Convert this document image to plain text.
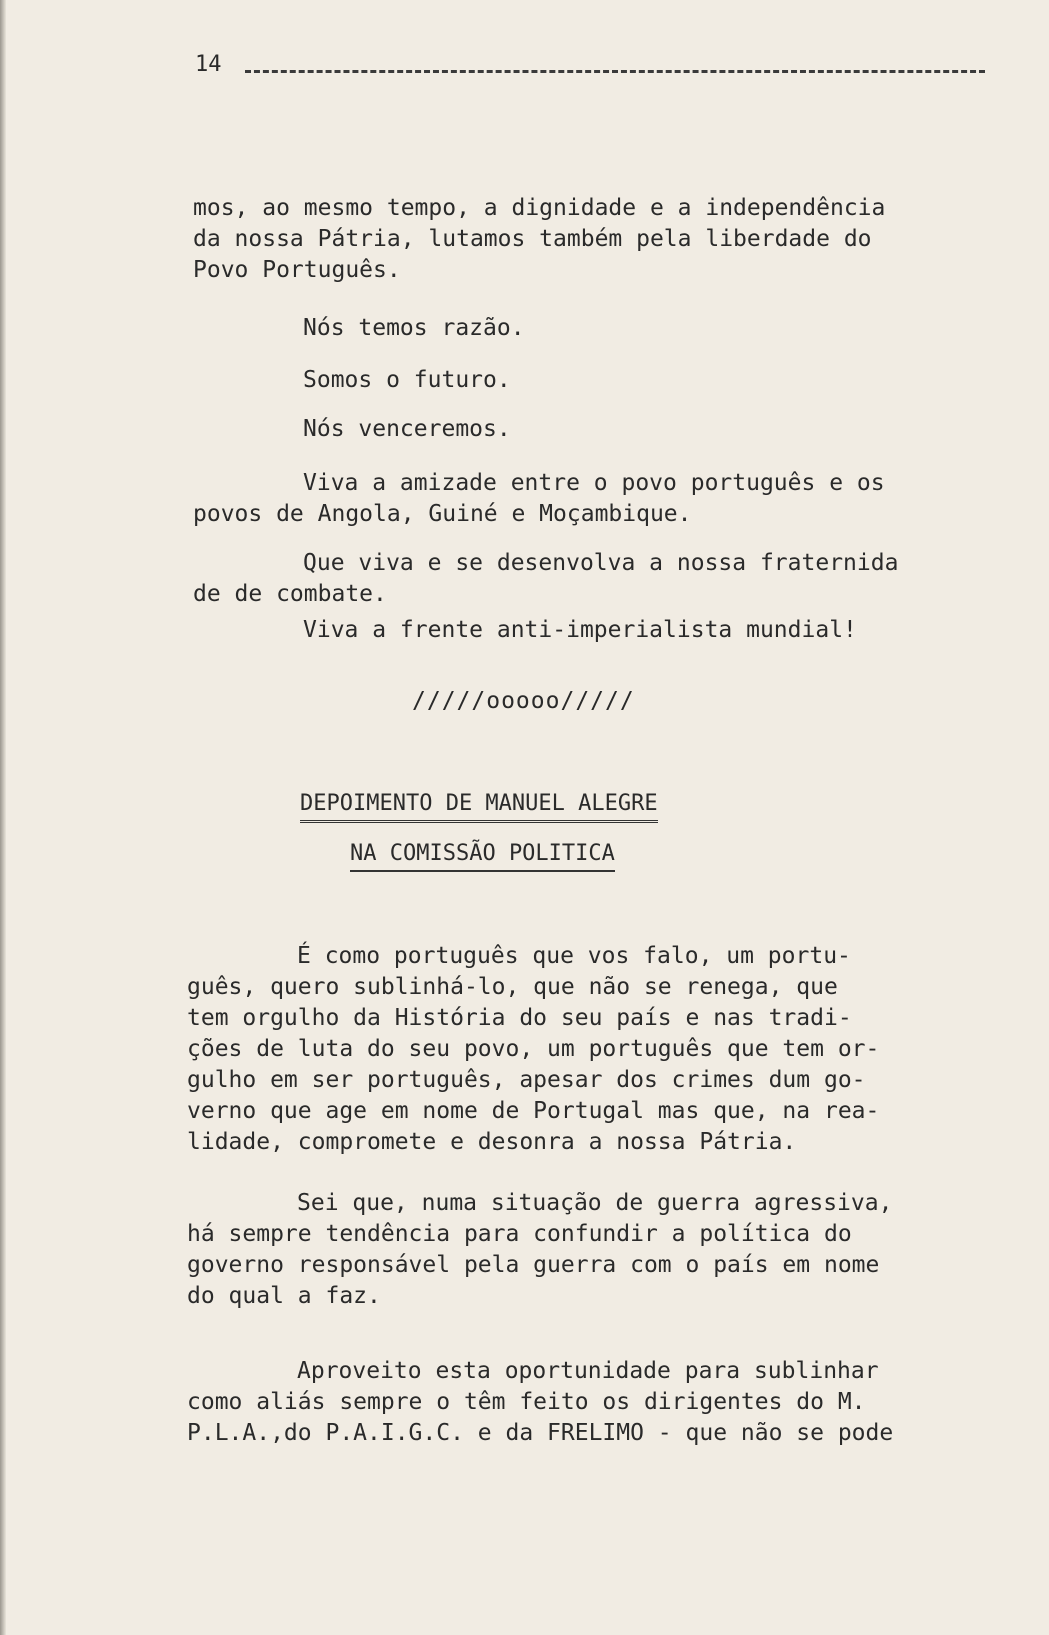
14
mos, ao mesmo tempo, a dignidade e a independência
da nossa Pátria, lutamos também pela liberdade do
Povo Português.
Nós temos razão.
Somos o futuro.
Nós venceremos.
Viva a amizade entre o povo português e os
povos de Angola, Guiné e Moçambique.
Que viva e se desenvolva a nossa fraternida
de de combate.
Viva a frente anti-imperialista mundial!
/////ooooo/////
DEPOIMENTO DE MANUEL ALEGRE
NA COMISSÃO POLITICA
É como português que vos falo, um portu-
guês, quero sublinhá-lo, que não se renega, que
tem orgulho da História do seu país e nas tradi-
ções de luta do seu povo, um português que tem or-
gulho em ser português, apesar dos crimes dum go-
verno que age em nome de Portugal mas que, na rea-
lidade, compromete e desonra a nossa Pátria.
Sei que, numa situação de guerra agressiva,
há sempre tendência para confundir a política do
governo responsável pela guerra com o país em nome
do qual a faz.
Aproveito esta oportunidade para sublinhar
como aliás sempre o têm feito os dirigentes do M.
P.L.A.,do P.A.I.G.C. e da FRELIMO - que não se pode
